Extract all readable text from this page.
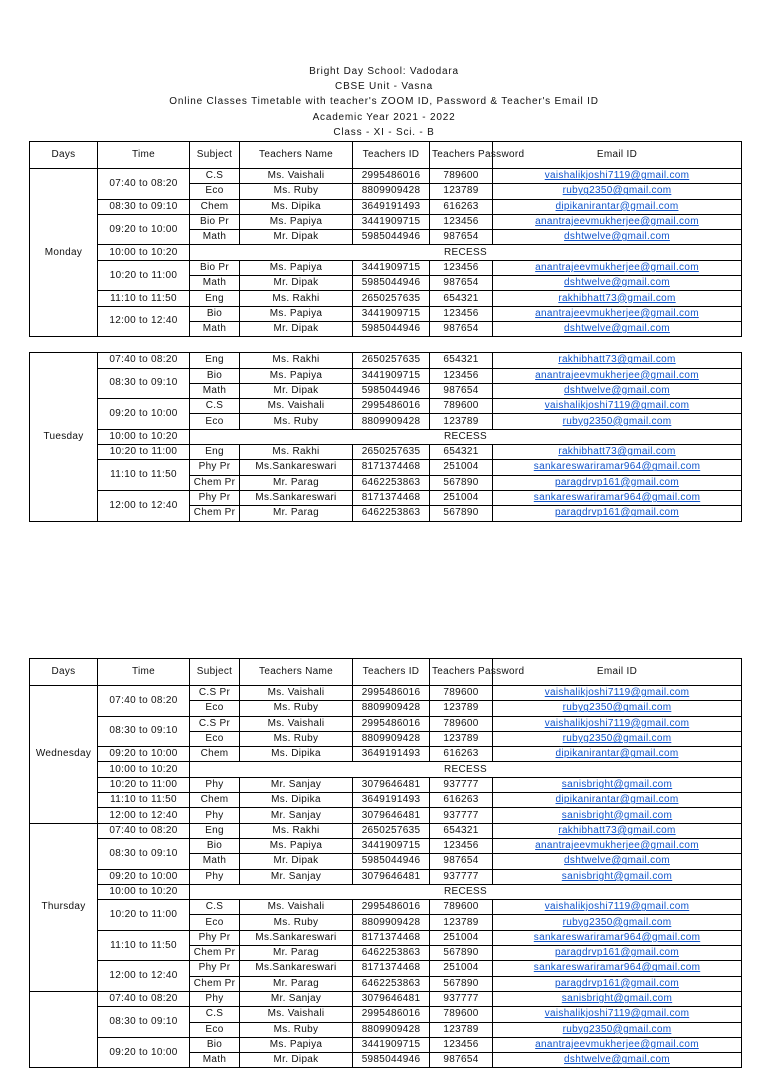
Bright Day School: Vadodara
CBSE Unit - Vasna
Online Classes Timetable with teacher's ZOOM ID, Password & Teacher's Email ID
Academic Year 2021 - 2022
Class - XI - Sci. - B
Days	Time	Subject	Teachers Name	Teachers ID	Teachers Password	Email ID
Monday	07:40 to 08:20	C.S	Ms. Vaishali	2995486016	789600	vaishalikjoshi7119@gmail.com
		Eco	Ms. Ruby	8809909428	123789	rubyg2350@gmail.com
	08:30 to 09:10	Chem	Ms. Dipika	3649191493	616263	dipikanirantar@gmail.com
	09:20 to 10:00	Bio Pr	Ms. Papiya	3441909715	123456	anantrajeevmukherjee@gmail.com
		Math	Mr. Dipak	5985044946	987654	dshtwelve@gmail.com
	10:00 to 10:20	RECESS				
	10:20 to 11:00	Bio Pr	Ms. Papiya	3441909715	123456	anantrajeevmukherjee@gmail.com
		Math	Mr. Dipak	5985044946	987654	dshtwelve@gmail.com
	11:10 to 11:50	Eng	Ms. Rakhi	2650257635	654321	rakhibhatt73@gmail.com
	12:00 to 12:40	Bio	Ms. Papiya	3441909715	123456	anantrajeevmukherjee@gmail.com
		Math	Mr. Dipak	5985044946	987654	dshtwelve@gmail.com

Tuesday	07:40 to 08:20	Eng	Ms. Rakhi	2650257635	654321	rakhibhatt73@gmail.com
	08:30 to 09:10	Bio	Ms. Papiya	3441909715	123456	anantrajeevmukherjee@gmail.com
		Math	Mr. Dipak	5985044946	987654	dshtwelve@gmail.com
	09:20 to 10:00	C.S	Ms. Vaishali	2995486016	789600	vaishalikjoshi7119@gmail.com
		Eco	Ms. Ruby	8809909428	123789	rubyg2350@gmail.com
	10:00 to 10:20	RECESS				
	10:20 to 11:00	Eng	Ms. Rakhi	2650257635	654321	rakhibhatt73@gmail.com
	11:10 to 11:50	Phy Pr	Ms.Sankareswari	8171374468	251004	sankareswariramar964@gmail.com
		Chem Pr	Mr. Parag	6462253863	567890	paragdrvp161@gmail.com
	12:00 to 12:40	Phy Pr	Ms.Sankareswari	8171374468	251004	sankareswariramar964@gmail.com
		Chem Pr	Mr. Parag	6462253863	567890	paragdrvp161@gmail.com
Days	Time	Subject	Teachers Name	Teachers ID	Teachers Password	Email ID
Wednesday	07:40 to 08:20	C.S Pr	Ms. Vaishali	2995486016	789600	vaishalikjoshi7119@gmail.com
		Eco	Ms. Ruby	8809909428	123789	rubyg2350@gmail.com
	08:30 to 09:10	C.S Pr	Ms. Vaishali	2995486016	789600	vaishalikjoshi7119@gmail.com
		Eco	Ms. Ruby	8809909428	123789	rubyg2350@gmail.com
	09:20 to 10:00	Chem	Ms. Dipika	3649191493	616263	dipikanirantar@gmail.com
	10:00 to 10:20	RECESS				
	10:20 to 11:00	Phy	Mr. Sanjay	3079646481	937777	sanisbright@gmail.com
	11:10 to 11:50	Chem	Ms. Dipika	3649191493	616263	dipikanirantar@gmail.com
	12:00 to 12:40	Phy	Mr. Sanjay	3079646481	937777	sanisbright@gmail.com
Thursday	07:40 to 08:20	Eng	Ms. Rakhi	2650257635	654321	rakhibhatt73@gmail.com
	08:30 to 09:10	Bio	Ms. Papiya	3441909715	123456	anantrajeevmukherjee@gmail.com
		Math	Mr. Dipak	5985044946	987654	dshtwelve@gmail.com
	09:20 to 10:00	Phy	Mr. Sanjay	3079646481	937777	sanisbright@gmail.com
	10:00 to 10:20	RECESS				
	10:20 to 11:00	C.S	Ms. Vaishali	2995486016	789600	vaishalikjoshi7119@gmail.com
		Eco	Ms. Ruby	8809909428	123789	rubyg2350@gmail.com
	11:10 to 11:50	Phy Pr	Ms.Sankareswari	8171374468	251004	sankareswariramar964@gmail.com
		Chem Pr	Mr. Parag	6462253863	567890	paragdrvp161@gmail.com
	12:00 to 12:40	Phy Pr	Ms.Sankareswari	8171374468	251004	sankareswariramar964@gmail.com
		Chem Pr	Mr. Parag	6462253863	567890	paragdrvp161@gmail.com
	07:40 to 08:20	Phy	Mr. Sanjay	3079646481	937777	sanisbright@gmail.com
	08:30 to 09:10	C.S	Ms. Vaishali	2995486016	789600	vaishalikjoshi7119@gmail.com
		Eco	Ms. Ruby	8809909428	123789	rubyg2350@gmail.com
	09:20 to 10:00	Bio	Ms. Papiya	3441909715	123456	anantrajeevmukherjee@gmail.com
		Math	Mr. Dipak	5985044946	987654	dshtwelve@gmail.com
